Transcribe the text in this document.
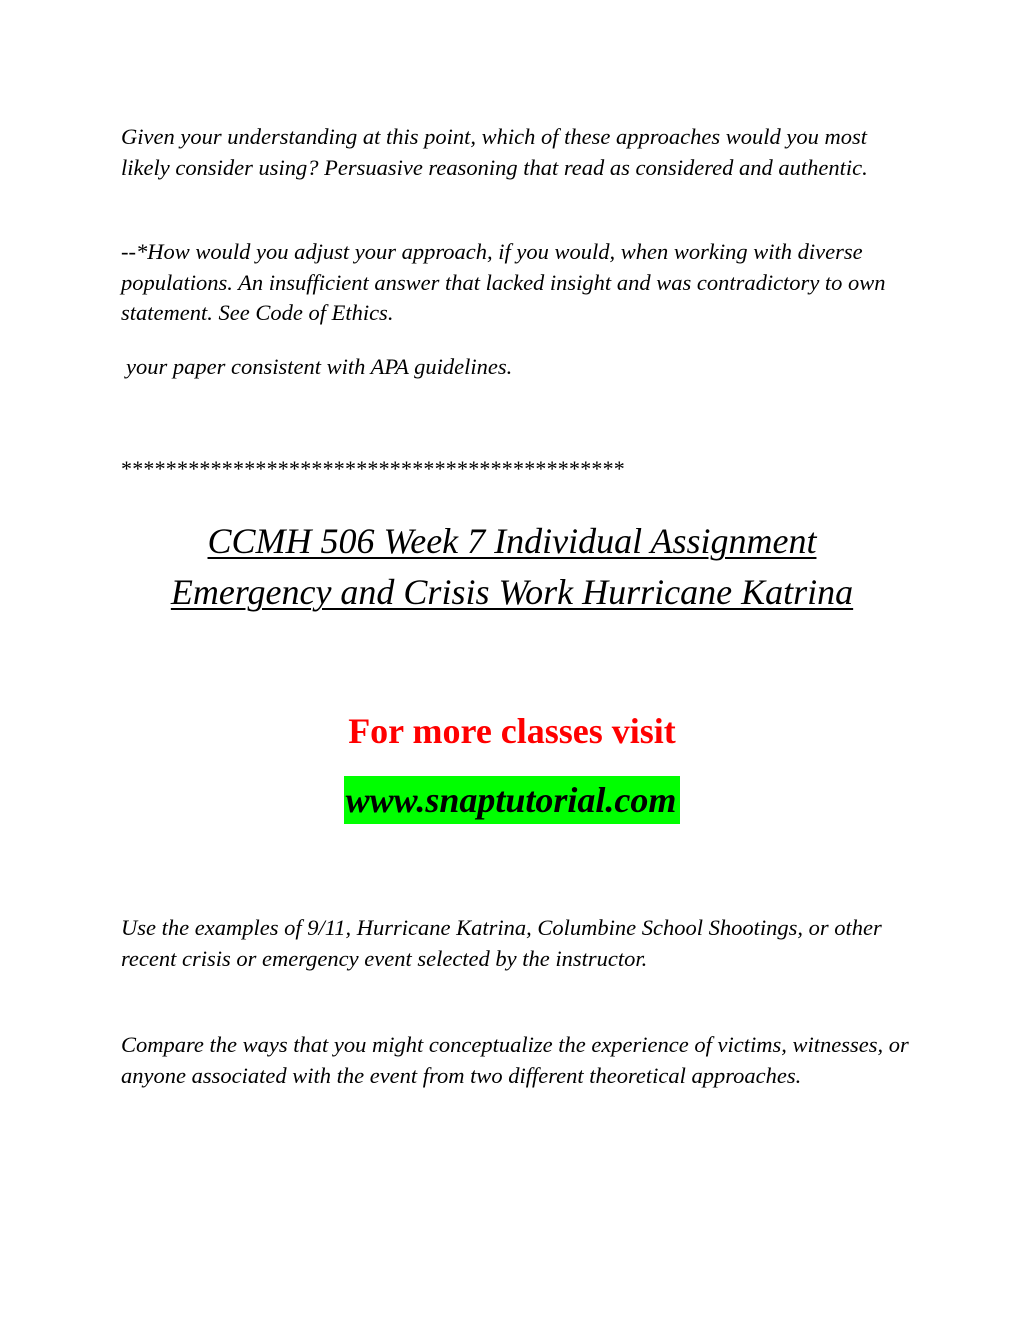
Given your understanding at this point, which of these approaches would you most likely consider using? Persuasive reasoning that read as considered and authentic.

--*How would you adjust your approach, if you would, when working with diverse populations. An insufficient answer that lacked insight and was contradictory to own statement. See Code of Ethics.

your paper consistent with APA guidelines.

*********************************************

CCMH 506 Week 7 Individual Assignment
Emergency and Crisis Work Hurricane Katrina

For more classes visit

www.snaptutorial.com

Use the examples of 9/11, Hurricane Katrina, Columbine School Shootings, or other recent crisis or emergency event selected by the instructor.

Compare the ways that you might conceptualize the experience of victims, witnesses, or anyone associated with the event from two different theoretical approaches.
